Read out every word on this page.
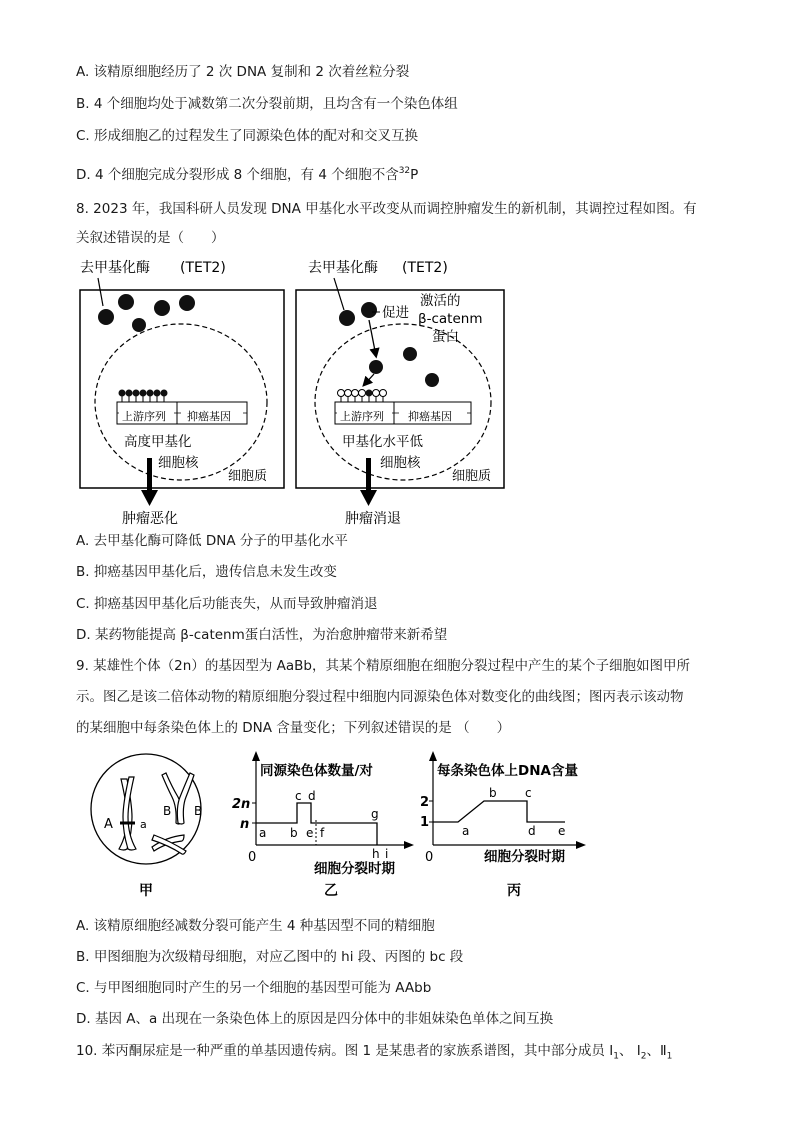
A. 该精原细胞经历了 2 次 DNA 复制和 2 次着丝粒分裂
B. 4 个细胞均处于减数第二次分裂前期，且均含有一个染色体组
C. 形成细胞乙的过程发生了同源染色体的配对和交叉互换
D. 4 个细胞完成分裂形成 8 个细胞，有 4 个细胞不含$^{32}$P
8. 2023 年，我国科研人员发现 DNA 甲基化水平改变从而调控肿瘤发生的新机制，其调控过程如图。有
关叙述错误的是（　　）
去甲基化酶 (TET2)
上游序列 抑癌基因
高度甲基化
细胞核
细胞质
肿瘤恶化
去甲基化酶 (TET2)
促进
激活的
β-catenm
蛋白
上游序列 抑癌基因
甲基化水平低
细胞核
细胞质
肿瘤消退
A. 去甲基化酶可降低 DNA 分子的甲基化水平
B. 抑癌基因甲基化后，遗传信息未发生改变
C. 抑癌基因甲基化后功能丧失，从而导致肿瘤消退
D. 某药物能提高 β-catenm蛋白活性，为治愈肿瘤带来新希望
9. 某雄性个体（2n）的基因型为 AaBb，其某个精原细胞在细胞分裂过程中产生的某个子细胞如图甲所
示。图乙是该二倍体动物的精原细胞分裂过程中细胞内同源染色体对数变化的曲线图；图丙表示该动物
的某细胞中每条染色体上的 DNA 含量变化；下列叙述错误的是 （　　）
A a
B B
甲
同源染色体数量/对
2n
n
0
a b
c d
e f
g
h i
细胞分裂时期
乙
每条染色体上DNA含量
2
1
0
a
b c
d e
细胞分裂时期
丙
A. 该精原细胞经减数分裂可能产生 4 种基因型不同的精细胞
B. 甲图细胞为次级精母细胞，对应乙图中的 hi 段、丙图的 bc 段
C. 与甲图细胞同时产生的另一个细胞的基因型可能为 AAbb
D. 基因 A、a 出现在一条染色体上的原因是四分体中的非姐妹染色单体之间互换
10. 苯丙酮尿症是一种严重的单基因遗传病。图 1 是某患者的家族系谱图，其中部分成员 $Ⅰ_1$、 $Ⅰ_2$、$Ⅱ_1$
